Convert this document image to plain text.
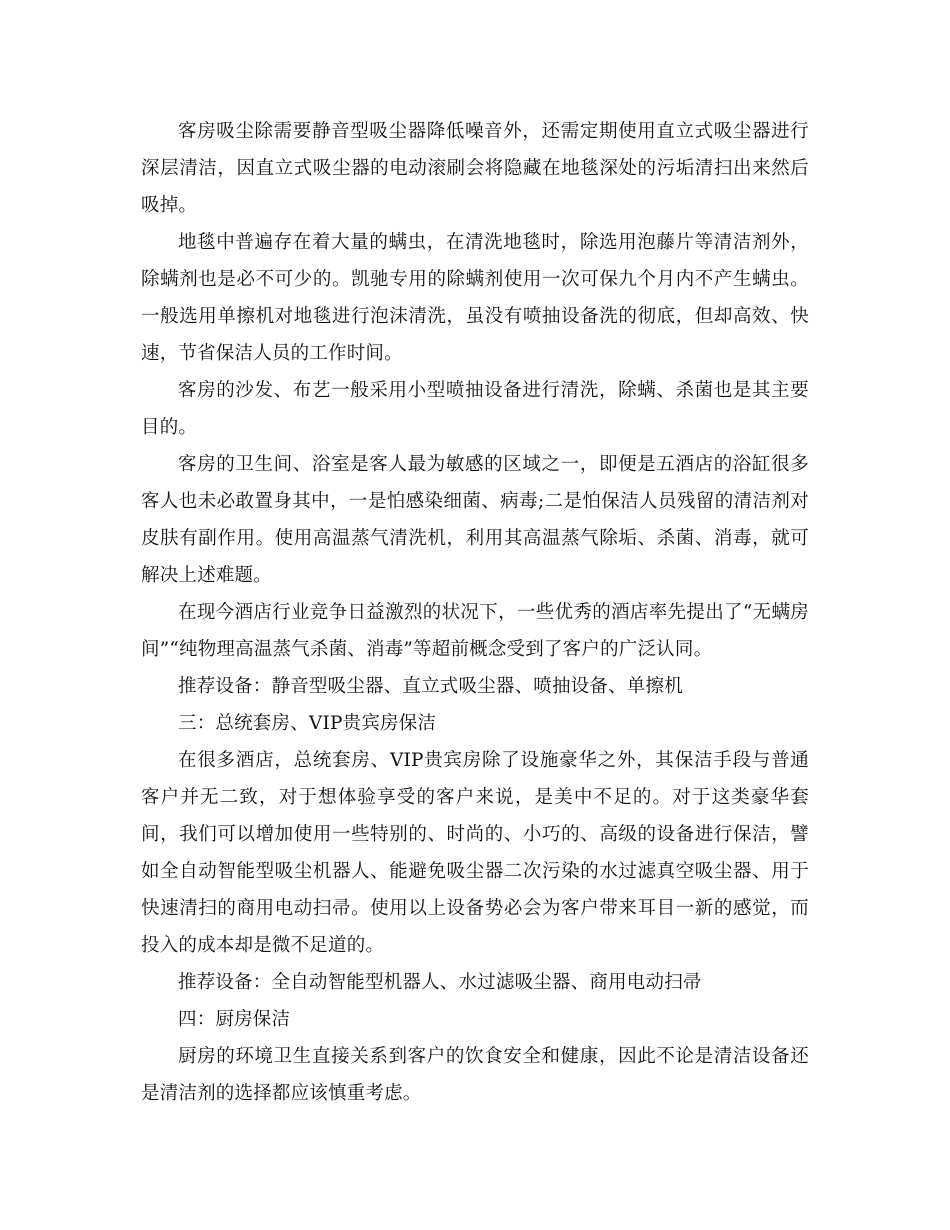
客房吸尘除需要静音型吸尘器降低噪音外，还需定期使用直立式吸尘器进行深层清洁，因直立式吸尘器的电动滚刷会将隐藏在地毯深处的污垢清扫出来然后吸掉。

地毯中普遍存在着大量的螨虫，在清洗地毯时，除选用泡藤片等清洁剂外，除螨剂也是必不可少的。凯驰专用的除螨剂使用一次可保九个月内不产生螨虫。一般选用单擦机对地毯进行泡沫清洗，虽没有喷抽设备洗的彻底，但却高效、快速，节省保洁人员的工作时间。

客房的沙发、布艺一般采用小型喷抽设备进行清洗，除螨、杀菌也是其主要目的。

客房的卫生间、浴室是客人最为敏感的区域之一，即便是五酒店的浴缸很多客人也未必敢置身其中，一是怕感染细菌、病毒;二是怕保洁人员残留的清洁剂对皮肤有副作用。使用高温蒸气清洗机，利用其高温蒸气除垢、杀菌、消毒，就可解决上述难题。

在现今酒店行业竞争日益激烈的状况下，一些优秀的酒店率先提出了“无螨房间”“纯物理高温蒸气杀菌、消毒”等超前概念受到了客户的广泛认同。

推荐设备：静音型吸尘器、直立式吸尘器、喷抽设备、单擦机

三：总统套房、VIP贵宾房保洁

在很多酒店，总统套房、VIP贵宾房除了设施豪华之外，其保洁手段与普通客户并无二致，对于想体验享受的客户来说，是美中不足的。对于这类豪华套间，我们可以增加使用一些特别的、时尚的、小巧的、高级的设备进行保洁，譬如全自动智能型吸尘机器人、能避免吸尘器二次污染的水过滤真空吸尘器、用于快速清扫的商用电动扫帚。使用以上设备势必会为客户带来耳目一新的感觉，而投入的成本却是微不足道的。

推荐设备：全自动智能型机器人、水过滤吸尘器、商用电动扫帚

四：厨房保洁

厨房的环境卫生直接关系到客户的饮食安全和健康，因此不论是清洁设备还是清洁剂的选择都应该慎重考虑。
